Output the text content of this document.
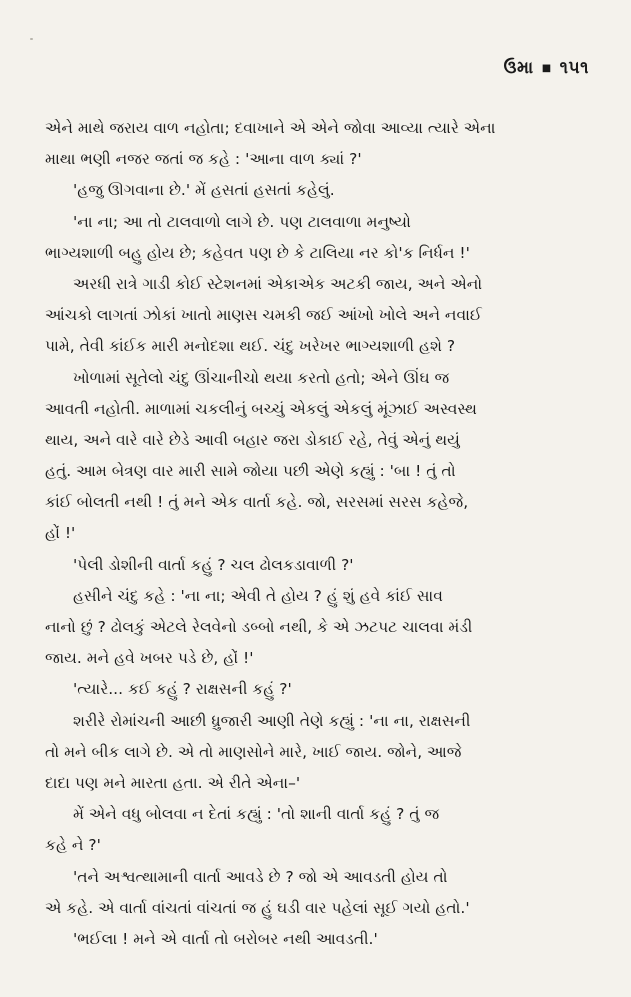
ઉમા ■ ૧૫૧
એને માથે જરાય વાળ નહોતા; દવાખાને એ એને જોવા આવ્યા ત્યારે એના
માથા ભણી નજર જતાં જ કહે : 'આના વાળ ક્યાં ?'
'હજુ ઊગવાના છે.' મેં હસતાં હસતાં કહેલું.
'ના ના; આ તો ટાલવાળો લાગે છે. પણ ટાલવાળા મનુષ્યો
ભાગ્યશાળી બહુ હોય છે; કહેવત પણ છે કે ટાલિયા નર કો'ક નિર્ધન !'
અરધી રાત્રે ગાડી કોઈ સ્ટેશનમાં એકાએક અટકી જાય, અને એનો
આંચકો લાગતાં ઝોકાં ખાતો માણસ ચમકી જઈ આંખો ખોલે અને નવાઈ
પામે, તેવી કાંઈક મારી મનોદશા થઈ. ચંદુ ખરેખર ભાગ્યશાળી હશે ?
ખોળામાં સૂતેલો ચંદુ ઊંચાનીચો થયા કરતો હતો; એને ઊંઘ જ
આવતી નહોતી. માળામાં ચકલીનું બચ્ચું એકલું એકલું મૂંઝાઈ અસ્વસ્થ
થાય, અને વારે વારે છેડે આવી બહાર જરા ડોકાઈ રહે, તેવું એનું થયું
હતું. આમ બેત્રણ વાર મારી સામે જોયા પછી એણે કહ્યું : 'બા ! તું તો
કાંઈ બોલતી નથી ! તું મને એક વાર્તા કહે. જો, સરસમાં સરસ કહેજે,
હોં !'
'પેલી ડોશીની વાર્તા કહું ? ચલ ઢોલકડાવાળી ?'
હસીને ચંદુ કહે : 'ના ના; એવી તે હોય ? હું શું હવે કાંઈ સાવ
નાનો છું ? ઢોલકું એટલે રેલવેનો ડબ્બો નથી, કે એ ઝટપટ ચાલવા મંડી
જાય. મને હવે ખબર પડે છે, હોં !'
'ત્યારે... કઈ કહું ? રાક્ષસની કહું ?'
શરીરે રોમાંચની આછી ધ્રુજારી આણી તેણે કહ્યું : 'ના ના, રાક્ષસની
તો મને બીક લાગે છે. એ તો માણસોને મારે, ખાઈ જાય. જોને, આજે
દાદા પણ મને મારતા હતા. એ રીતે એના–'
મેં એને વધુ બોલવા ન દેતાં કહ્યું : 'તો શાની વાર્તા કહું ? તું જ
કહે ને ?'
'તને અશ્વત્થામાની વાર્તા આવડે છે ? જો એ આવડતી હોય તો
એ કહે. એ વાર્તા વાંચતાં વાંચતાં જ હું ઘડી વાર પહેલાં સૂઈ ગયો હતો.'
'ભઈલા ! મને એ વાર્તા તો બરોબર નથી આવડતી.'
